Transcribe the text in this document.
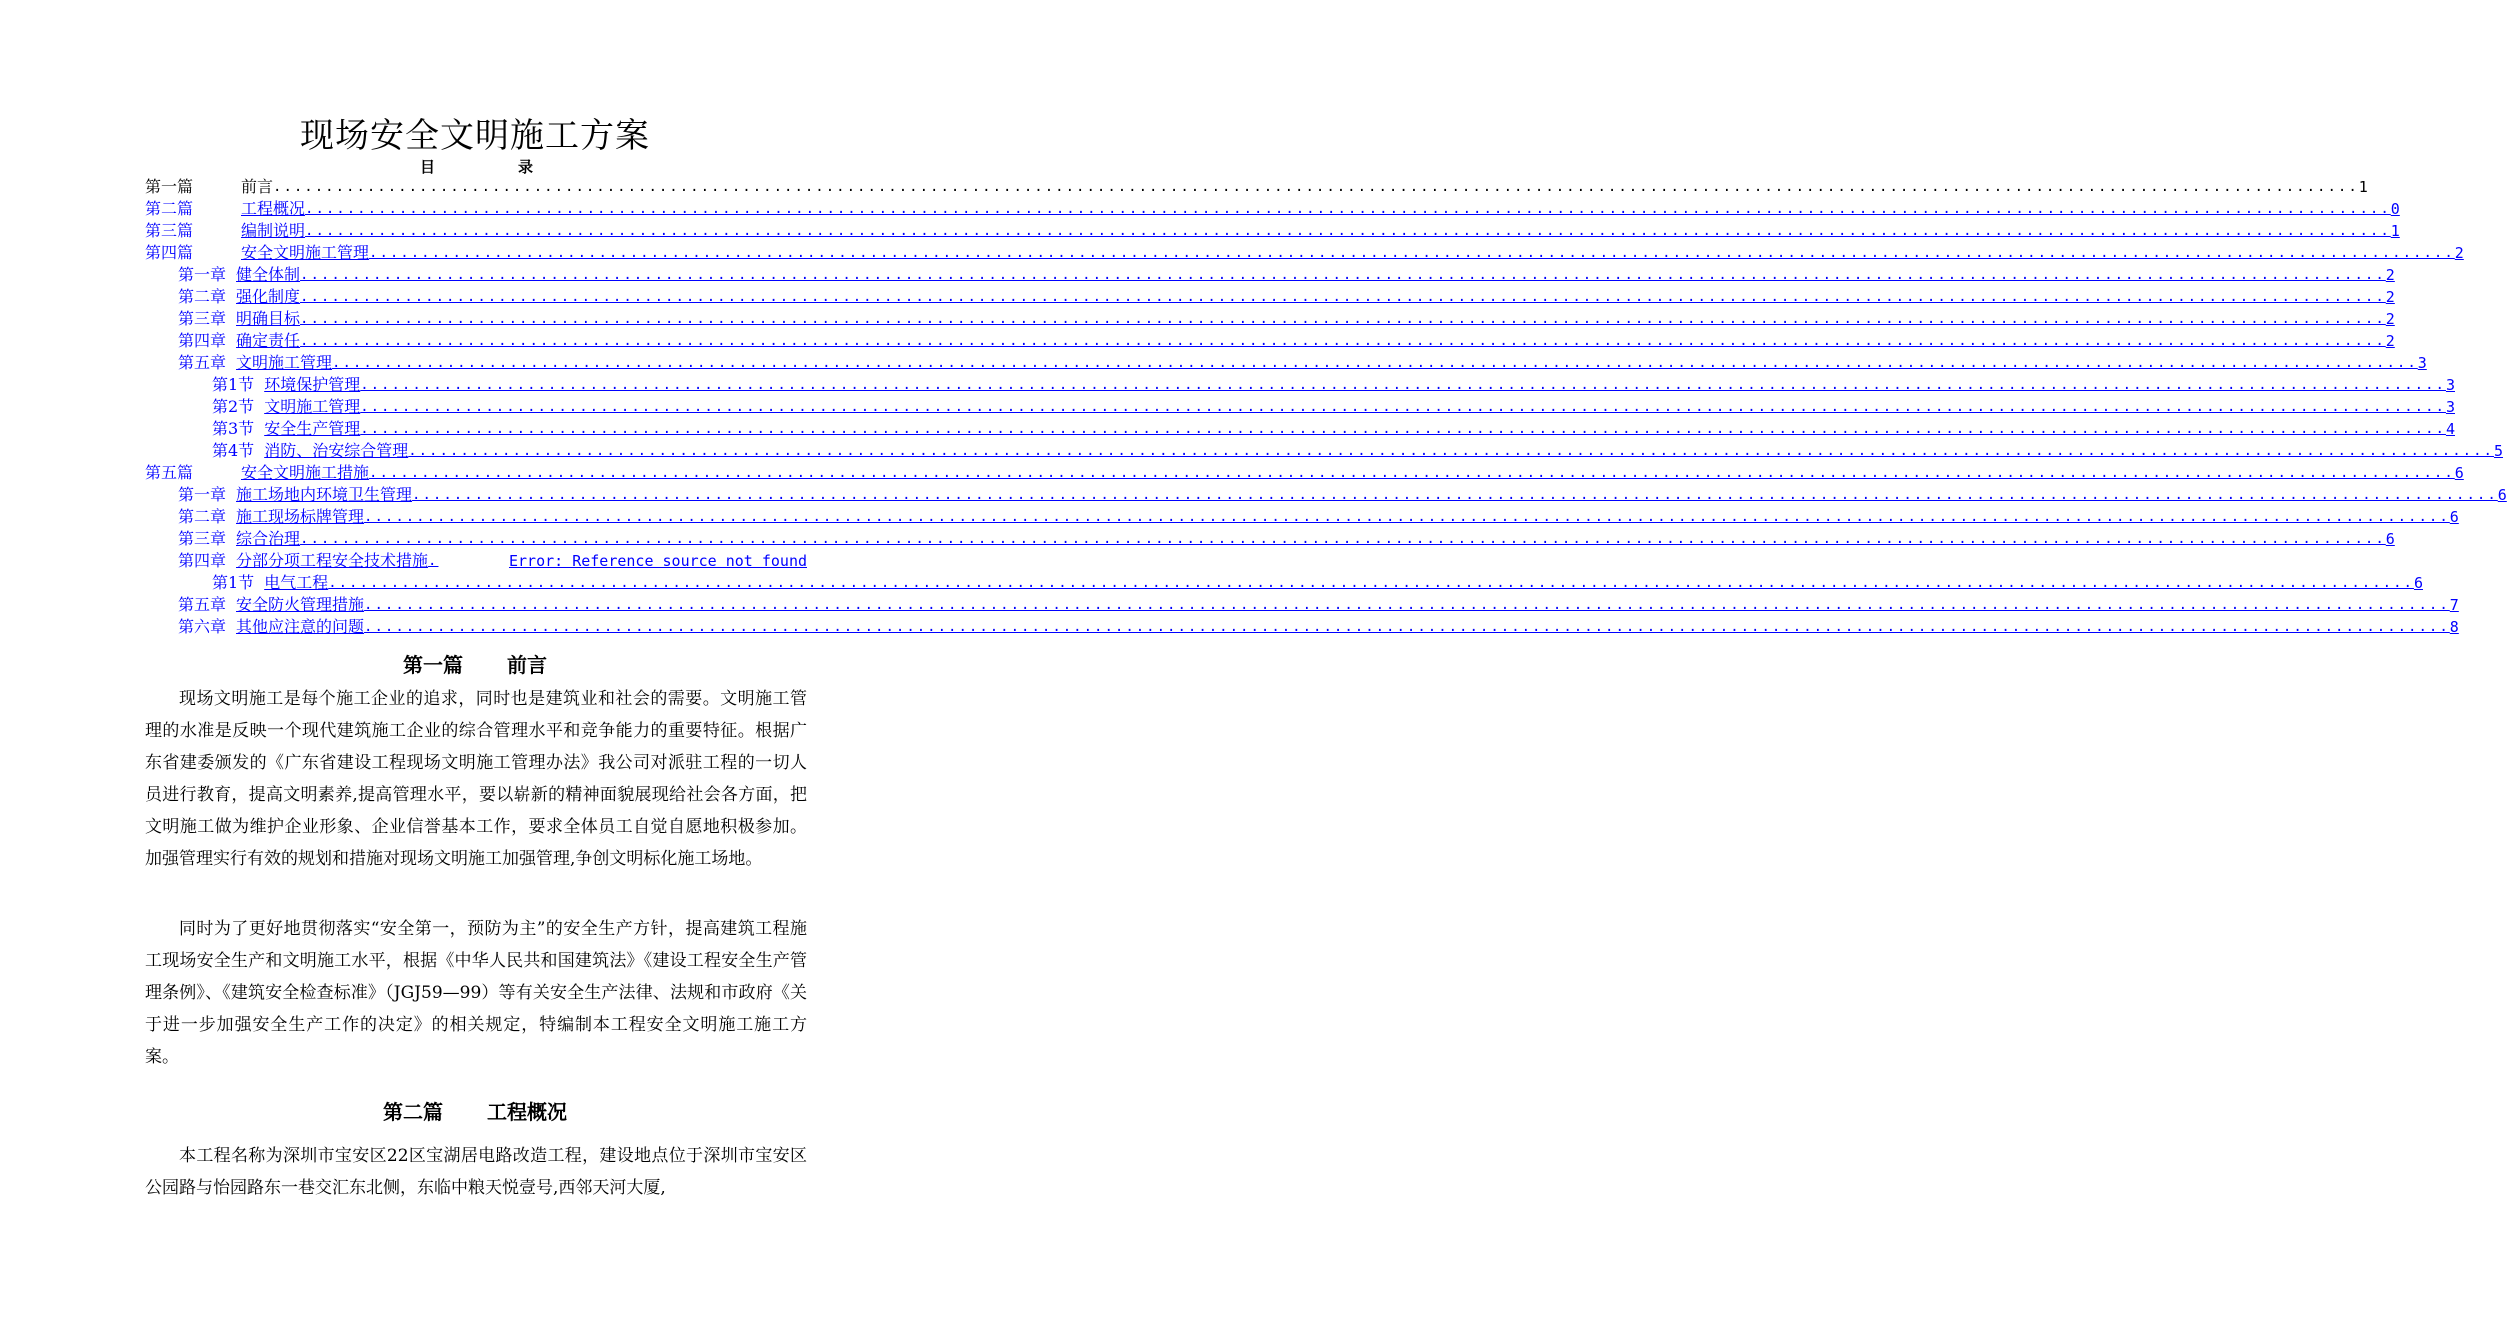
现场安全文明施工方案
目	录
第一篇	前言 ........................................................................................................................................................................................................ 1
第二篇	工程概况 ........................................................................................................................................................................................................ 0
第三篇	编制说明 ........................................................................................................................................................................................................ 1
第四篇	安全文明施工管理 ........................................................................................................................................................................................................ 2
第一章 健全体制 ........................................................................................................................................................................................................ 2
第二章 强化制度 ........................................................................................................................................................................................................ 2
第三章 明确目标 ........................................................................................................................................................................................................ 2
第四章 确定责任 ........................................................................................................................................................................................................ 2
第五章 文明施工管理 ........................................................................................................................................................................................................ 3
第1节 环境保护管理 ........................................................................................................................................................................................................ 3
第2节 文明施工管理 ........................................................................................................................................................................................................ 3
第3节 安全生产管理 ........................................................................................................................................................................................................ 4
第4节 消防、治安综合管理 ........................................................................................................................................................................................................ 5
第五篇	安全文明施工措施 ........................................................................................................................................................................................................ 6
第一章 施工场地内环境卫生管理 ........................................................................................................................................................................................................ 6
第二章 施工现场标牌管理 ........................................................................................................................................................................................................ 6
第三章 综合治理 ........................................................................................................................................................................................................ 6
第四章 分部分项工程安全技术措施 .	Error: Reference source not found
第1节 电气工程 ........................................................................................................................................................................................................ 6
第五章 安全防火管理措施 ........................................................................................................................................................................................................ 7
第六章 其他应注意的问题 ........................................................................................................................................................................................................ 8
第一篇 前言

现场文明施工是每个施工企业的追求，同时也是建筑业和社会的需要。文明施工管理的水准是反映一个现代建筑施工企业的综合管理水平和竞争能力的重要特征。根据广东省建委颁发的《广东省建设工程现场文明施工管理办法》我公司对派驻工程的一切人员进行教育，提高文明素养,提高管理水平，要以崭新的精神面貌展现给社会各方面，把文明施工做为维护企业形象、企业信誉基本工作，要求全体员工自觉自愿地积极参加。加强管理实行有效的规划和措施对现场文明施工加强管理,争创文明标化施工场地。

同时为了更好地贯彻落实“安全第一，预防为主”的安全生产方针，提高建筑工程施工现场安全生产和文明施工水平，根据《中华人民共和国建筑法》《建设工程安全生产管理条例》、《建筑安全检查标准》（JGJ59—99）等有关安全生产法律、法规和市政府《关于进一步加强安全生产工作的决定》的相关规定，特编制本工程安全文明施工施工方案。

第二篇 工程概况

本工程名称为深圳市宝安区22区宝湖居电路改造工程，建设地点位于深圳市宝安区公园路与怡园路东一巷交汇东北侧，东临中粮天悦壹号,西邻天河大厦,
